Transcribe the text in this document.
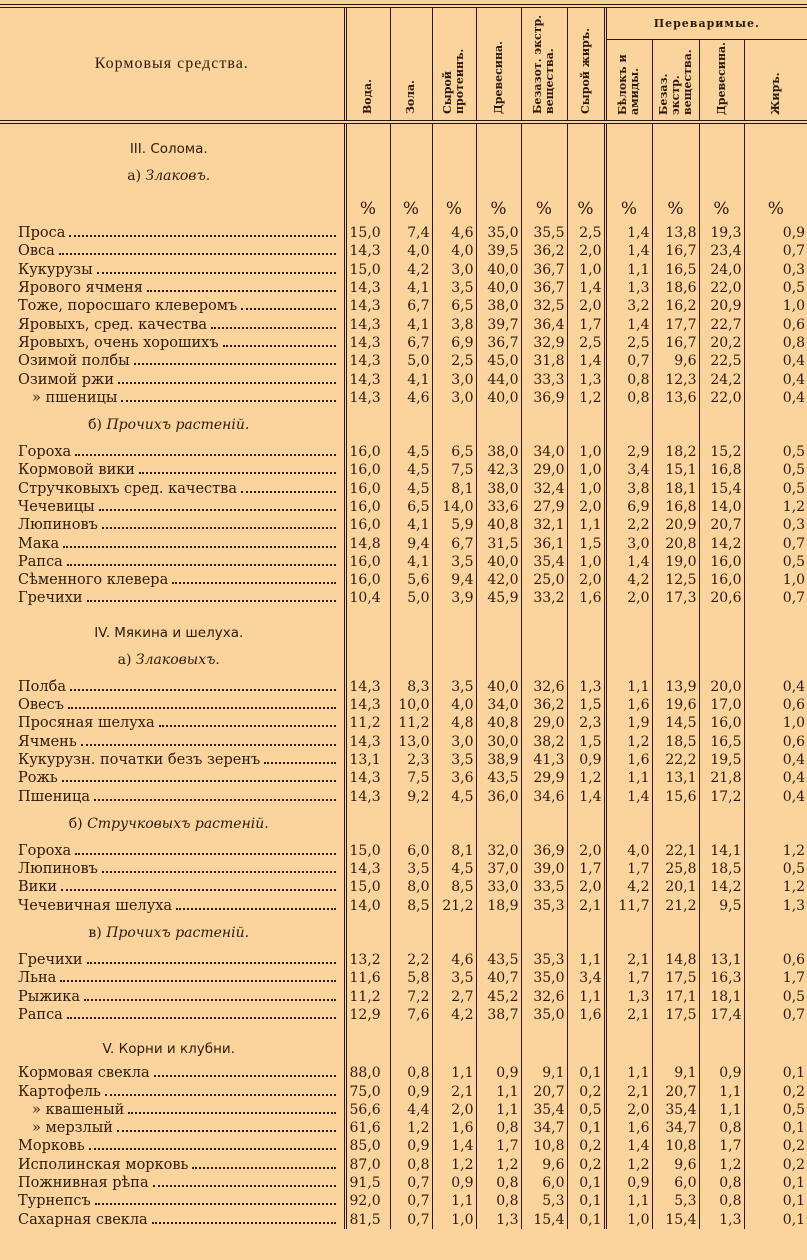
Кормовыя средства.	Вода.	Зола.	Сырой
протеинъ.	Древесина.	Безазот. экстр.
вещества.	Сырой жиръ.	Переваримые.			

							Бѣлокъ и
амиды.	Безаз. экстр.
вещества.	Древесина.	Жиръ.

III. Солома.										
а) Злаковъ.										
	%	%	%	%	%	%	%	%	%	%

Проса	15,0	7,4	4,6	35,0	35,5	2,5	1,4	13,8	19,3	0,9

Овса	14,3	4,0	4,0	39,5	36,2	2,0	1,4	16,7	23,4	0,7

Кукурузы	15,0	4,2	3,0	40,0	36,7	1,0	1,1	16,5	24,0	0,3

Ярового ячменя	14,3	4,1	3,5	40,0	36,7	1,4	1,3	18,6	22,0	0,5

Тоже, поросшаго клеверомъ	14,3	6,7	6,5	38,0	32,5	2,0	3,2	16,2	20,9	1,0

Яровыхъ, сред. качества	14,3	4,1	3,8	39,7	36,4	1,7	1,4	17,7	22,7	0,6

Яровыхъ, очень хорошихъ	14,3	6,7	6,9	36,7	32,9	2,5	2,5	16,7	20,2	0,8

Озимой полбы	14,3	5,0	2,5	45,0	31,8	1,4	0,7	9,6	22,5	0,4

Озимой ржи	14,3	4,1	3,0	44,0	33,3	1,3	0,8	12,3	24,2	0,4

» пшеницы	14,3	4,6	3,0	40,0	36,9	1,2	0,8	13,6	22,0	0,4
б) Прочихъ растеній.										

Гороха	16,0	4,5	6,5	38,0	34,0	1,0	2,9	18,2	15,2	0,5

Кормовой вики	16,0	4,5	7,5	42,3	29,0	1,0	3,4	15,1	16,8	0,5

Стручковыхъ сред. качества	16,0	4,5	8,1	38,0	32,4	1,0	3,8	18,1	15,4	0,5

Чечевицы	16,0	6,5	14,0	33,6	27,9	2,0	6,9	16,8	14,0	1,2

Люпиновъ	16,0	4,1	5,9	40,8	32,1	1,1	2,2	20,9	20,7	0,3

Мака	14,8	9,4	6,7	31,5	36,1	1,5	3,0	20,8	14,2	0,7

Рапса	16,0	4,1	3,5	40,0	35,4	1,0	1,4	19,0	16,0	0,5

Сѣменного клевера	16,0	5,6	9,4	42,0	25,0	2,0	4,2	12,5	16,0	1,0

Гречихи	10,4	5,0	3,9	45,9	33,2	1,6	2,0	17,3	20,6	0,7
IV. Мякина и шелуха.										
а) Злаковыхъ.										

Полба	14,3	8,3	3,5	40,0	32,6	1,3	1,1	13,9	20,0	0,4

Овесъ	14,3	10,0	4,0	34,0	36,2	1,5	1,6	19,6	17,0	0,6

Просяная шелуха	11,2	11,2	4,8	40,8	29,0	2,3	1,9	14,5	16,0	1,0

Ячмень	14,3	13,0	3,0	30,0	38,2	1,5	1,2	18,5	16,5	0,6

Кукурузн. початки безъ зеренъ	13,1	2,3	3,5	38,9	41,3	0,9	1,6	22,2	19,5	0,4

Рожь	14,3	7,5	3,6	43,5	29,9	1,2	1,1	13,1	21,8	0,4

Пшеница	14,3	9,2	4,5	36,0	34,6	1,4	1,4	15,6	17,2	0,4
б) Стручковыхъ растеній.										

Гороха	15,0	6,0	8,1	32,0	36,9	2,0	4,0	22,1	14,1	1,2

Люпиновъ	14,3	3,5	4,5	37,0	39,0	1,7	1,7	25,8	18,5	0,5

Вики	15,0	8,0	8,5	33,0	33,5	2,0	4,2	20,1	14,2	1,2

Чечевичная шелуха	14,0	8,5	21,2	18,9	35,3	2,1	11,7	21,2	9,5	1,3
в) Прочихъ растеній.										

Гречихи	13,2	2,2	4,6	43,5	35,3	1,1	2,1	14,8	13,1	0,6

Льна	11,6	5,8	3,5	40,7	35,0	3,4	1,7	17,5	16,3	1,7

Рыжика	11,2	7,2	2,7	45,2	32,6	1,1	1,3	17,1	18,1	0,5

Рапса	12,9	7,6	4,2	38,7	35,0	1,6	2,1	17,5	17,4	0,7
V. Корни и клубни.										

Кормовая свекла	88,0	0,8	1,1	0,9	9,1	0,1	1,1	9,1	0,9	0,1

Картофель	75,0	0,9	2,1	1,1	20,7	0,2	2,1	20,7	1,1	0,2

» квашеный	56,6	4,4	2,0	1,1	35,4	0,5	2,0	35,4	1,1	0,5

» мерзлый	61,6	1,2	1,6	0,8	34,7	0,1	1,6	34,7	0,8	0,1

Морковь	85,0	0,9	1,4	1,7	10,8	0,2	1,4	10,8	1,7	0,2

Исполинская морковь	87,0	0,8	1,2	1,2	9,6	0,2	1,2	9,6	1,2	0,2

Пожнивная рѣпа	91,5	0,7	0,9	0,8	6,0	0,1	0,9	6,0	0,8	0,1

Турнепсъ	92,0	0,7	1,1	0,8	5,3	0,1	1,1	5,3	0,8	0,1

Сахарная свекла	81,5	0,7	1,0	1,3	15,4	0,1	1,0	15,4	1,3	0,1
